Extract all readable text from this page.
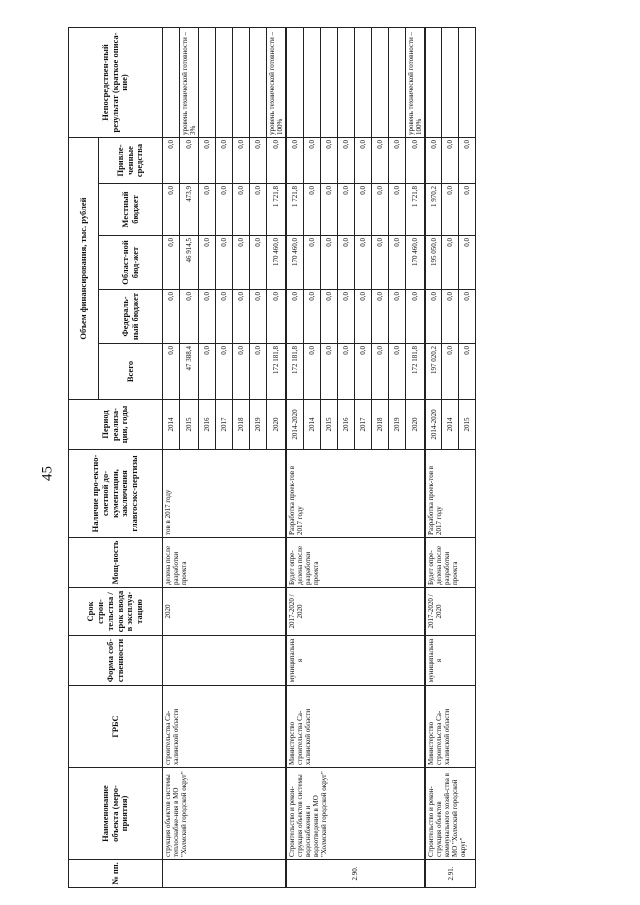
45
№ пп.	Наименование объекта (меро-приятия)	ГРБС	Форма соб-ственности	Срок строи-тельства / срок ввода в эксплуа-тацию	Мощ-ность	Наличие про-ектно-сметной до-кументации, заключения главгосэкс-пертизы	Период реализа-ции, годы	Объем финансирования, тыс. рублей					Непосредствен-ный результат (краткое описа-ние)
								Всего	Федераль-ный бюджет	Област-ной бюд-жет	Местный бюджет	Привле-ченные средства	
	струкция объектов системы теплоснабже-ния в МО "Холмский городской округ"	строительства Са-халинской области		2020	делена после разработки проекта	тов в 2017 году	2014	0,0	0,0	0,0	0,0	0,0	
							2015	47 388,4	0,0	46 914,5	473,9	0,0	уровень технической готовности – 3%
							2016	0,0	0,0	0,0	0,0	0,0	
							2017	0,0	0,0	0,0	0,0	0,0	
							2018	0,0	0,0	0,0	0,0	0,0	
							2019	0,0	0,0	0,0	0,0	0,0	
							2020	172 181,8	0,0	170 460,0	1 721,8	0,0	уровень технической готовности – 100%
2.90.	Строительство и рекон-струкция объектов системы водоснабжения и водоотведения в МО "Холмский городской округ"	Министерство строительства Са-халинской области	муниципальная	2017-2020 / 2020	Будет опре-делена после разработки проекта	Разработка проек-тов в 2017 году	2014-2020	172 181,8	0,0	170 460,0	1 721,8	0,0	
							2014	0,0	0,0	0,0	0,0	0,0	
							2015	0,0	0,0	0,0	0,0	0,0	
							2016	0,0	0,0	0,0	0,0	0,0	
							2017	0,0	0,0	0,0	0,0	0,0	
							2018	0,0	0,0	0,0	0,0	0,0	
							2019	0,0	0,0	0,0	0,0	0,0	
							2020	172 181,8	0,0	170 460,0	1 721,8	0,0	уровень технической готовности – 100%
2.91.	Строительство и рекон-струкция объектов коммунального хозяй-ства в МО "Холмский городской округ"	Министерство строительства Са-халинской области	муниципальная	2017-2020 / 2020	Будет опре-делена после разработки проекта	Разработка проек-тов в 2017 году	2014-2020	197 020,2	0,0	195 050,0	1 970,2	0,0	
							2014	0,0	0,0	0,0	0,0	0,0	
							2015	0,0	0,0	0,0	0,0	0,0	
